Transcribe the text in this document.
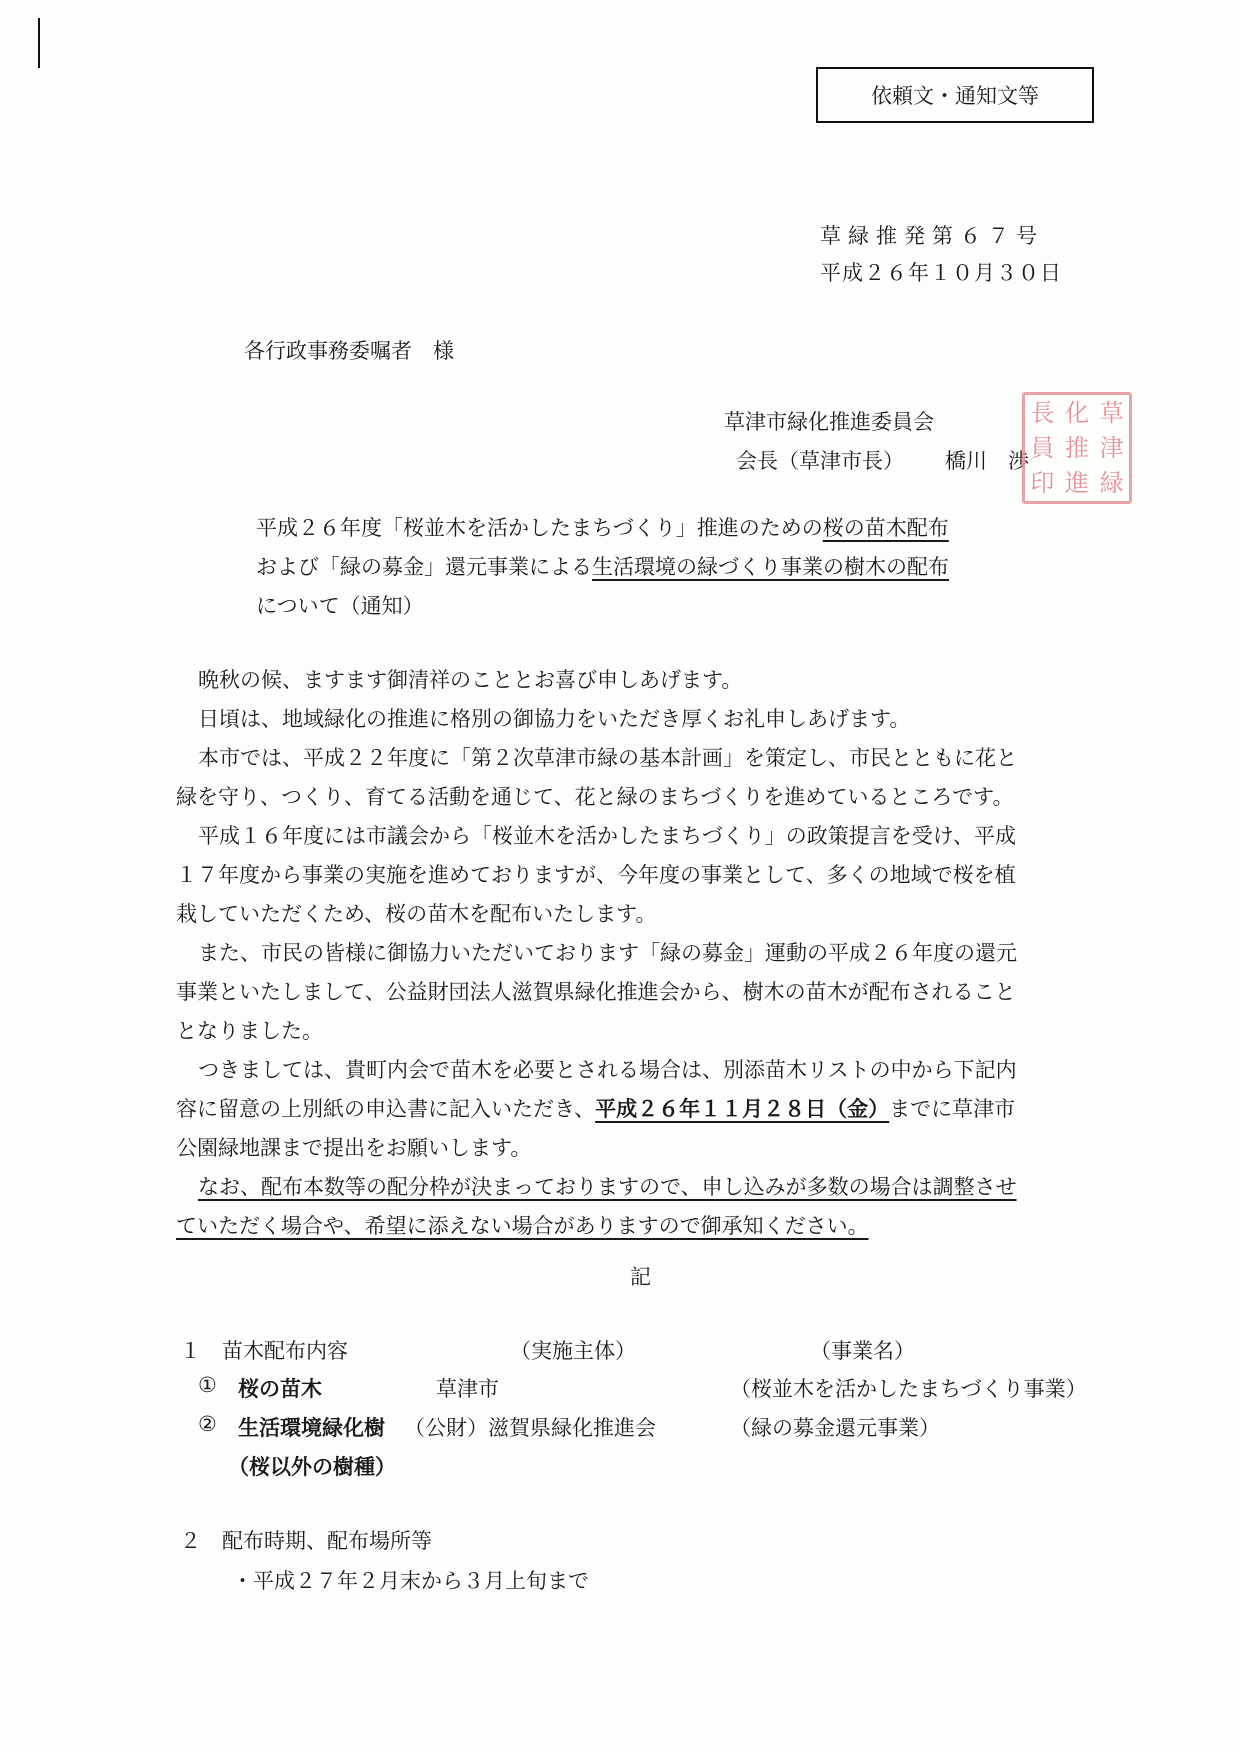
依頼文・通知文等
草緑推発第６７号
平成２６年１０月３０日
各行政事務委嘱者　様
草津市緑化推進委員会
会長（草津市長） 橋川　渉
草
化
長
津
推
員
緑
進
印
平成２６年度「桜並木を活かしたまちづくり」推進のための桜の苗木配布
および「緑の募金」還元事業による生活環境の緑づくり事業の樹木の配布
について（通知）
晩秋の候、ますます御清祥のこととお喜び申しあげます。
日頃は、地域緑化の推進に格別の御協力をいただき厚くお礼申しあげます。
本市では、平成２２年度に「第２次草津市緑の基本計画」を策定し、市民とともに花と
緑を守り、つくり、育てる活動を通じて、花と緑のまちづくりを進めているところです。
平成１６年度には市議会から「桜並木を活かしたまちづくり」の政策提言を受け、平成
１７年度から事業の実施を進めておりますが、今年度の事業として、多くの地域で桜を植
栽していただくため、桜の苗木を配布いたします。
また、市民の皆様に御協力いただいております「緑の募金」運動の平成２６年度の還元
事業といたしまして、公益財団法人滋賀県緑化推進会から、樹木の苗木が配布されること
となりました。
つきましては、貴町内会で苗木を必要とされる場合は、別添苗木リストの中から下記内
容に留意の上別紙の申込書に記入いただき、平成２６年１１月２８日（金）までに草津市
公園緑地課まで提出をお願いします。
なお、配布本数等の配分枠が決まっておりますので、申し込みが多数の場合は調整させ
ていただく場合や、希望に添えない場合がありますので御承知ください。
記
１　苗木配布内容	（実施主体）	（事業名）
① 桜の苗木	草津市	（桜並木を活かしたまちづくり事業）
② 生活環境緑化樹 （公財）滋賀県緑化推進会	（緑の募金還元事業）
（桜以外の樹種）
２　配布時期、配布場所等
・平成２７年２月末から３月上旬まで
